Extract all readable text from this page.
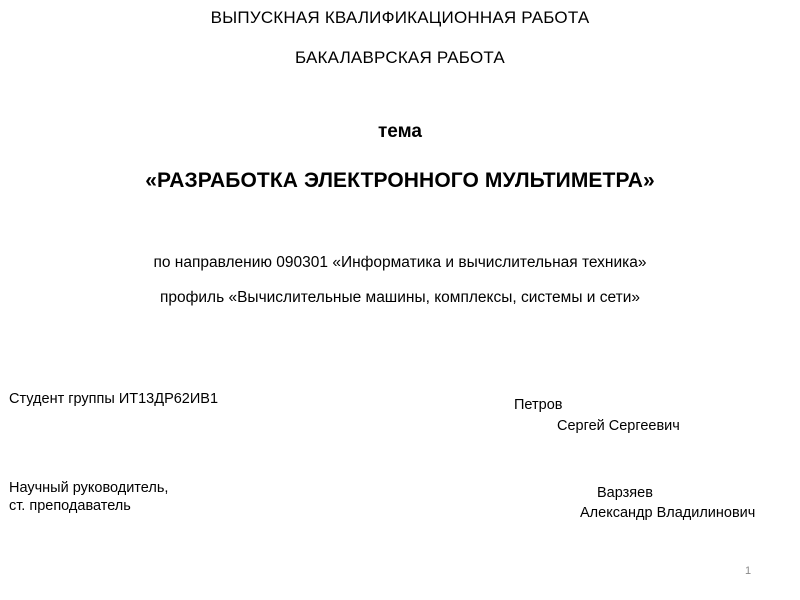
ВЫПУСКНАЯ КВАЛИФИКАЦИОННАЯ РАБОТА
БАКАЛАВРСКАЯ РАБОТА
тема
«РАЗРАБОТКА ЭЛЕКТРОННОГО МУЛЬТИМЕТРА»
по направлению 090301 «Информатика и вычислительная техника»
профиль «Вычислительные машины, комплексы, системы и сети»
Студент группы ИТ13ДР62ИВ1	Петров
Сергей Сергеевич
Научный руководитель,
ст. преподаватель
Варзяев
Александр Владилинович
1
